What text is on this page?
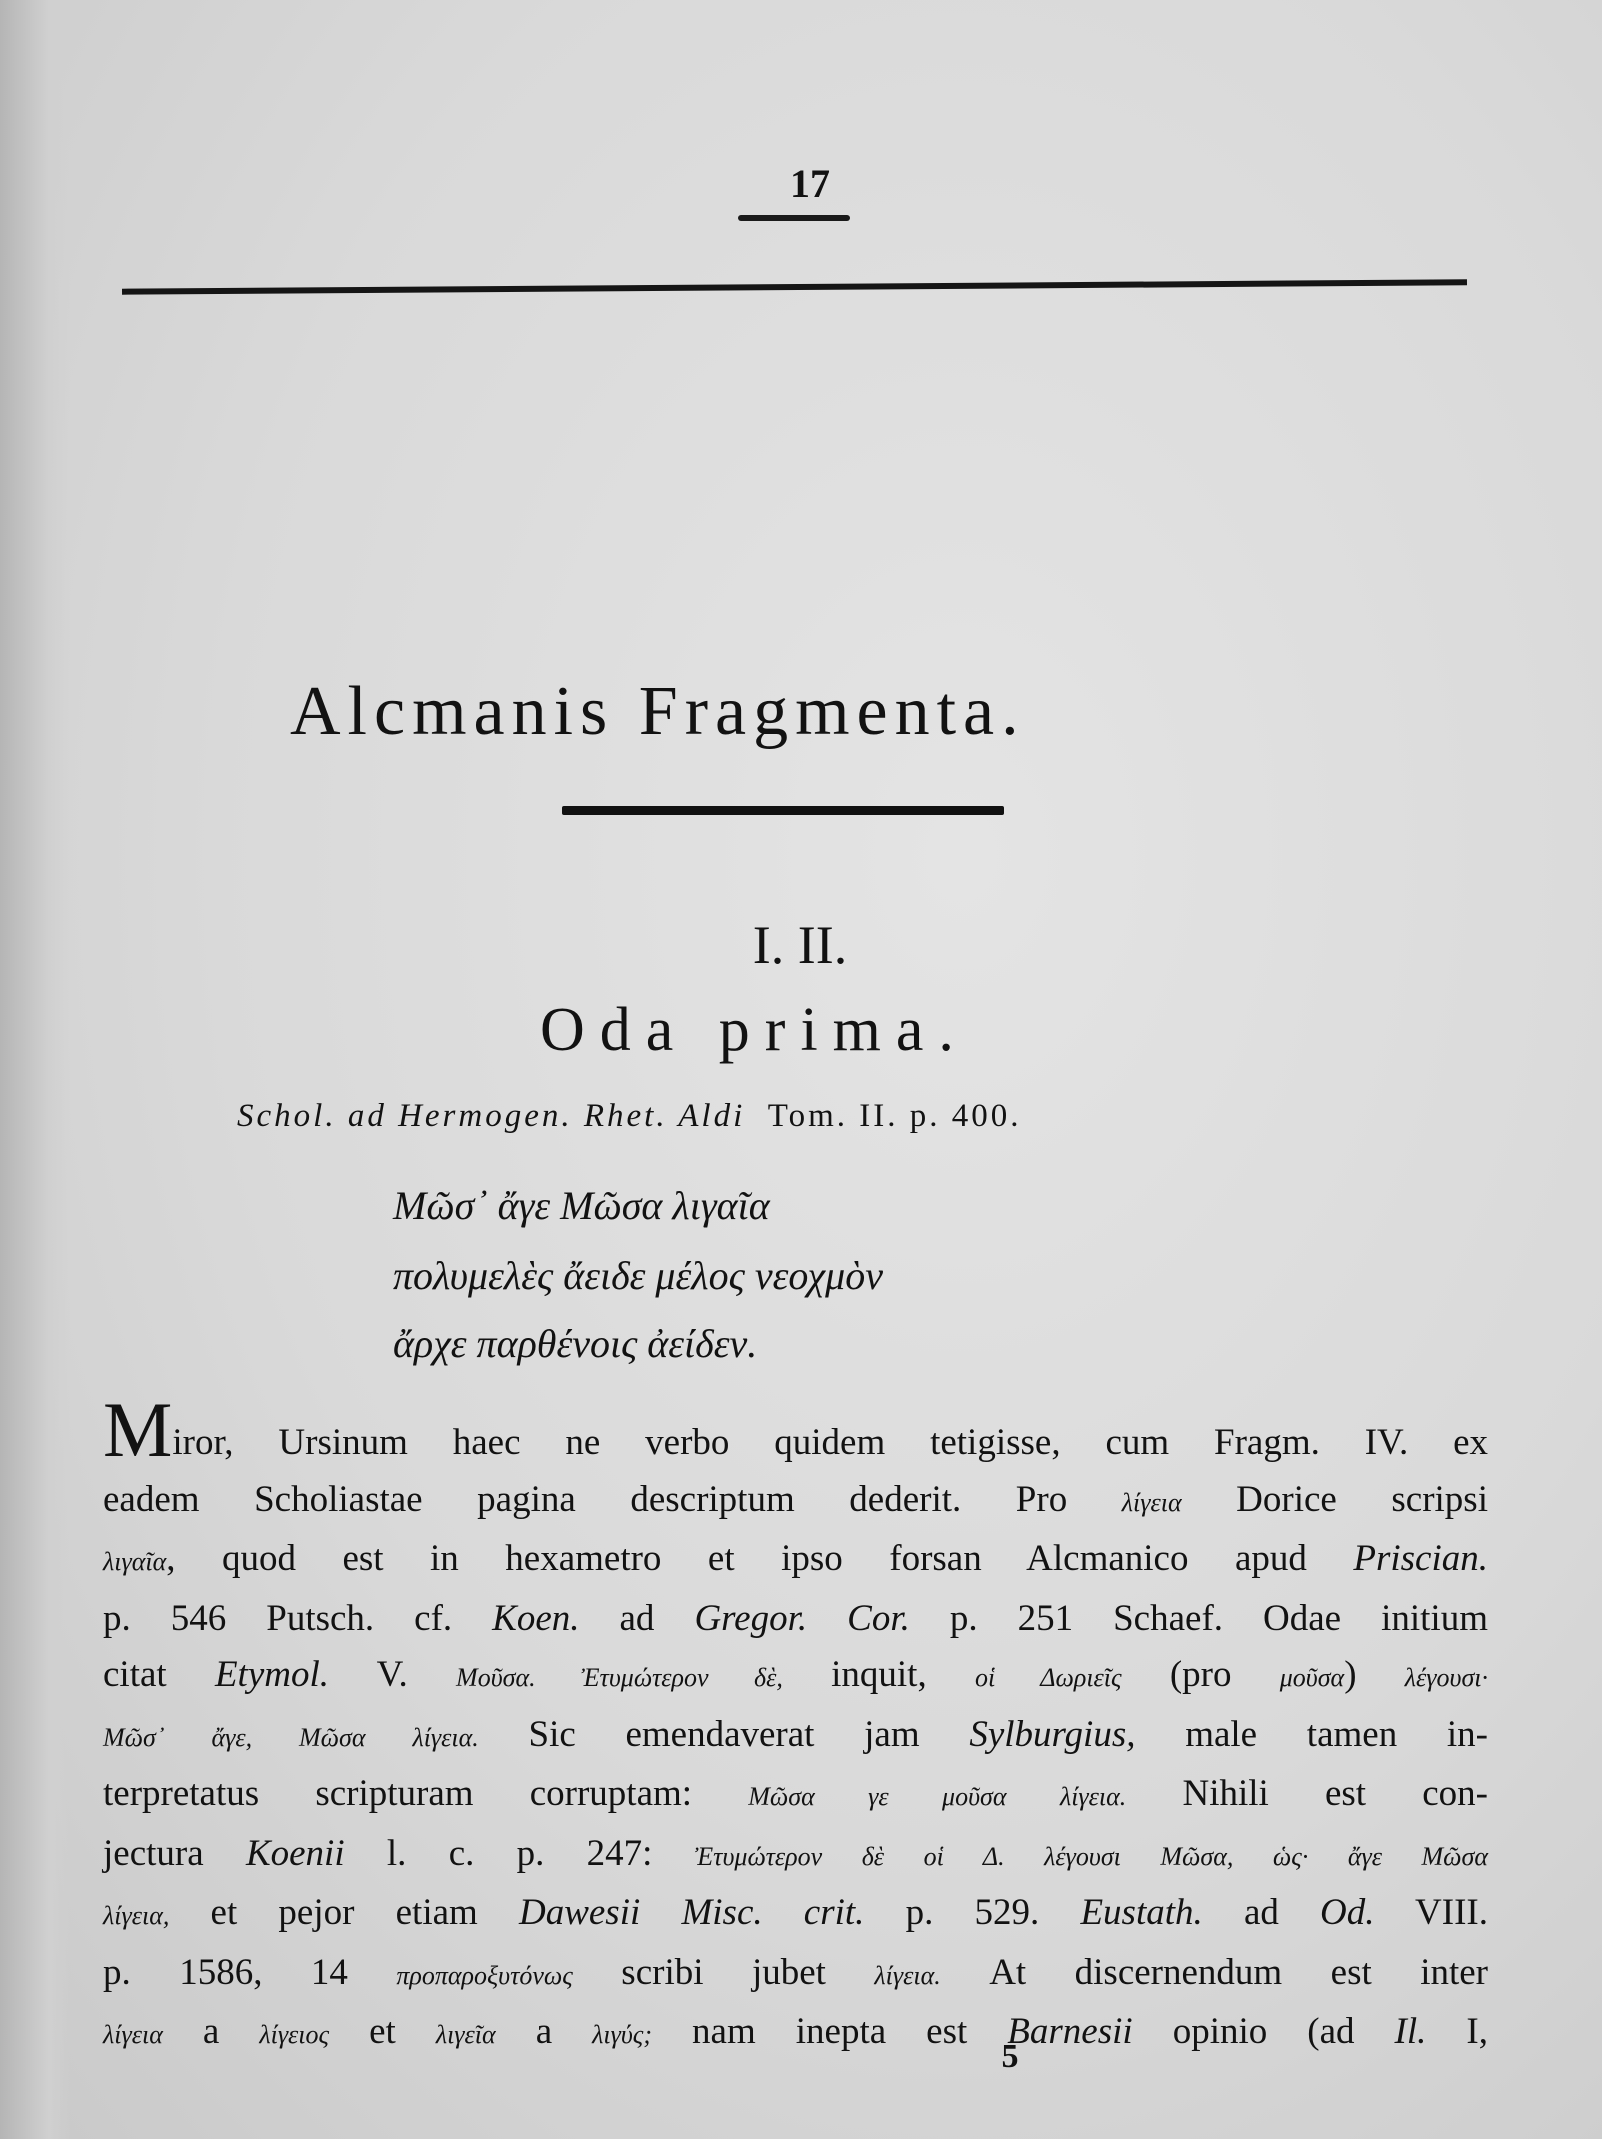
17
Alcmanis Fragmenta.
I. II.
Oda prima.
Schol. ad Hermogen. Rhet. Aldi Tom. II. p. 400.
Μῶσ᾽ ἄγε Μῶσα λιγαῖα
πολυμελὲς ἄειδε μέλος νεοχμὸν
ἄρχε παρθένοις ἀείδεν.
Miror, Ursinum haec ne verbo quidem tetigisse, cum Fragm. IV. ex
eadem Scholiastae pagina descriptum dederit. Pro λίγεια Dorice scripsi
λιγαῖα, quod est in hexametro et ipso forsan Alcmanico apud Priscian.
p. 546 Putsch. cf. Koen. ad Gregor. Cor. p. 251 Schaef. Odae initium
citat Etymol. V. Μοῦσα. Ἐτυμώτερον δὲ, inquit, οἱ Δωριεῖς (pro μοῦσα) λέγουσι·
Μῶσ᾽ ἄγε, Μῶσα λίγεια. Sic emendaverat jam Sylburgius, male tamen in-
terpretatus scripturam corruptam: Μῶσα γε μοῦσα λίγεια. Nihili est con-
jectura Koenii l. c. p. 247: Ἐτυμώτερον δὲ οἱ Δ. λέγουσι Μῶσα, ὡς· ἄγε Μῶσα
λίγεια, et pejor etiam Dawesii Misc. crit. p. 529. Eustath. ad Od. VIII.
p. 1586, 14 προπαροξυτόνως scribi jubet λίγεια. At discernendum est inter
λίγεια a λίγειος et λιγεῖα a λιγύς; nam inepta est Barnesii opinio (ad Il. I,
5
